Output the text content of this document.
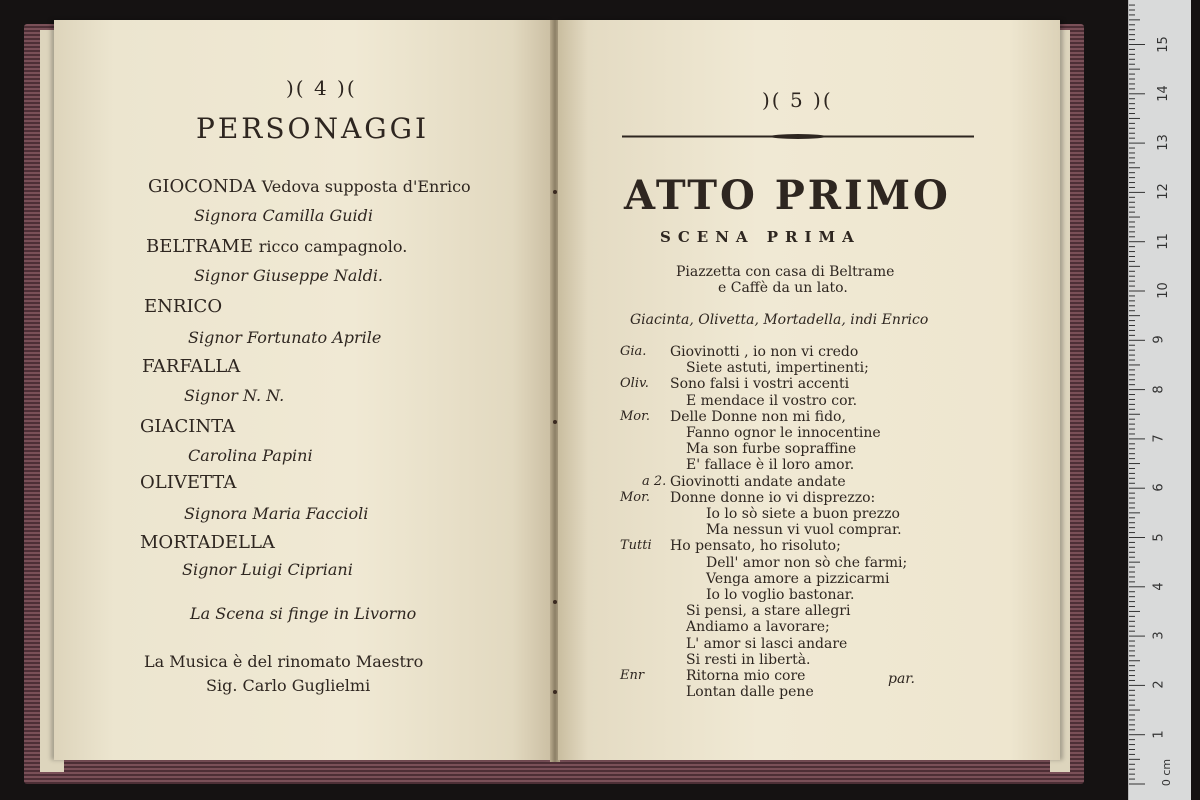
)( 4 )(
PERSONAGGI
GIOCONDA Vedova supposta d'Enrico
Signora Camilla Guidi
BELTRAME ricco campagnolo.
Signor Giuseppe Naldi.
ENRICO
Signor Fortunato Aprile
FARFALLA
Signor N. N.
GIACINTA
Carolina Papini
OLIVETTA
Signora Maria Faccioli
MORTADELLA
Signor Luigi Cipriani
La Scena si finge in Livorno
La Musica è del rinomato Maestro
Sig. Carlo Guglielmi
)( 5 )(
ATTO PRIMO
SCENA PRIMA
Piazzetta con casa di Beltrame
e Caffè da un lato.
Giacinta, Olivetta, Mortadella, indi Enrico
Gia. Giovinotti , io non vi credo
Siete astuti, impertinenti;
Oliv. Sono falsi i vostri accenti
E mendace il vostro cor.
Mor. Delle Donne non mi fido,
Fanno ognor le innocentine
Ma son furbe sopraffine
E' fallace è il loro amor.
a 2. Giovinotti andate andate
Mor. Donne donne io vi disprezzo:
Io lo sò siete a buon prezzo
Ma nessun vi vuol comprar.
Tutti Ho pensato, ho risoluto;
Dell' amor non sò che farmi;
Venga amore a pizzicarmi
Io lo voglio bastonar.
Si pensi, a stare allegri
Andiamo a lavorare;
L' amor si lasci andare
Si resti in libertà.
Enr	Ritorna mio core
Lontan dalle pene
par.
0 cm
1
2
3
4
5
6
7
8
9
10
11
12
13
14
15
